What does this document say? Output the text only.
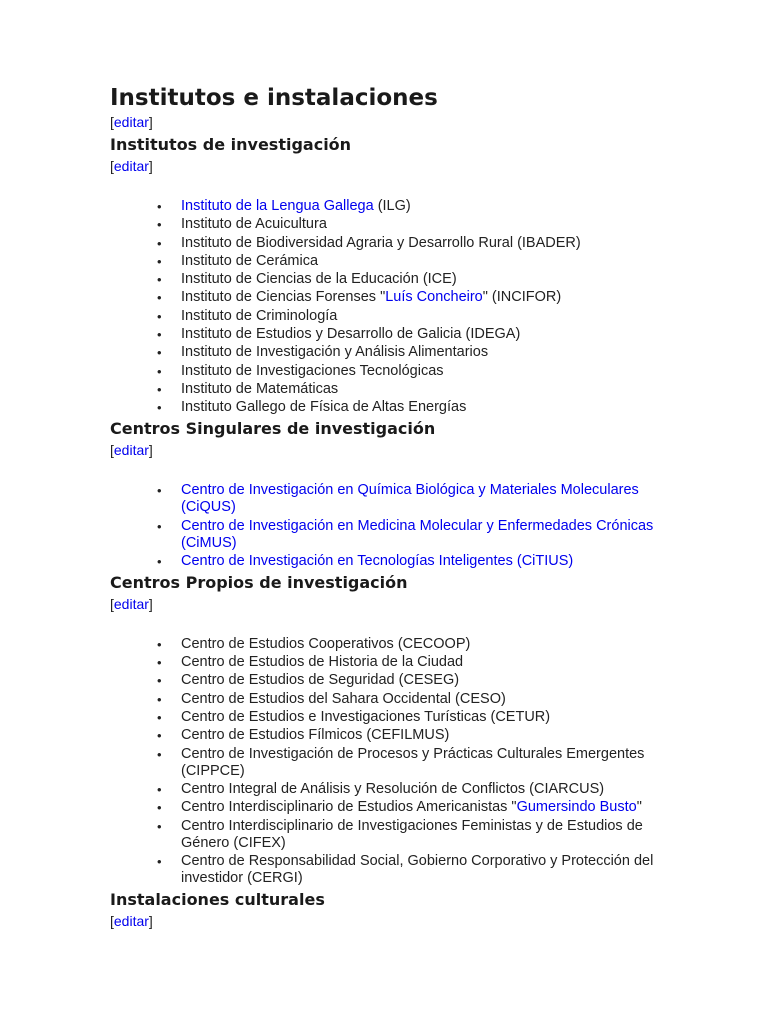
Institutos e instalaciones
[editar]
Institutos de investigación
[editar]
• Instituto de la Lengua Gallega (ILG)
• Instituto de Acuicultura
• Instituto de Biodiversidad Agraria y Desarrollo Rural (IBADER)
• Instituto de Cerámica
• Instituto de Ciencias de la Educación (ICE)
• Instituto de Ciencias Forenses "Luís Concheiro" (INCIFOR)
• Instituto de Criminología
• Instituto de Estudios y Desarrollo de Galicia (IDEGA)
• Instituto de Investigación y Análisis Alimentarios
• Instituto de Investigaciones Tecnológicas
• Instituto de Matemáticas
• Instituto Gallego de Física de Altas Energías
Centros Singulares de investigación
[editar]
• Centro de Investigación en Química Biológica y Materiales Moleculares (CiQUS)
• Centro de Investigación en Medicina Molecular y Enfermedades Crónicas (CiMUS)
• Centro de Investigación en Tecnologías Inteligentes (CiTIUS)
Centros Propios de investigación
[editar]
• Centro de Estudios Cooperativos (CECOOP)
• Centro de Estudios de Historia de la Ciudad
• Centro de Estudios de Seguridad (CESEG)
• Centro de Estudios del Sahara Occidental (CESO)
• Centro de Estudios e Investigaciones Turísticas (CETUR)
• Centro de Estudios Fílmicos (CEFILMUS)
• Centro de Investigación de Procesos y Prácticas Culturales Emergentes (CIPPCE)
• Centro Integral de Análisis y Resolución de Conflictos (CIARCUS)
• Centro Interdisciplinario de Estudios Americanistas "Gumersindo Busto"
• Centro Interdisciplinario de Investigaciones Feministas y de Estudios de Género (CIFEX)
• Centro de Responsabilidad Social, Gobierno Corporativo y Protección del investidor (CERGI)
Instalaciones culturales
[editar]
